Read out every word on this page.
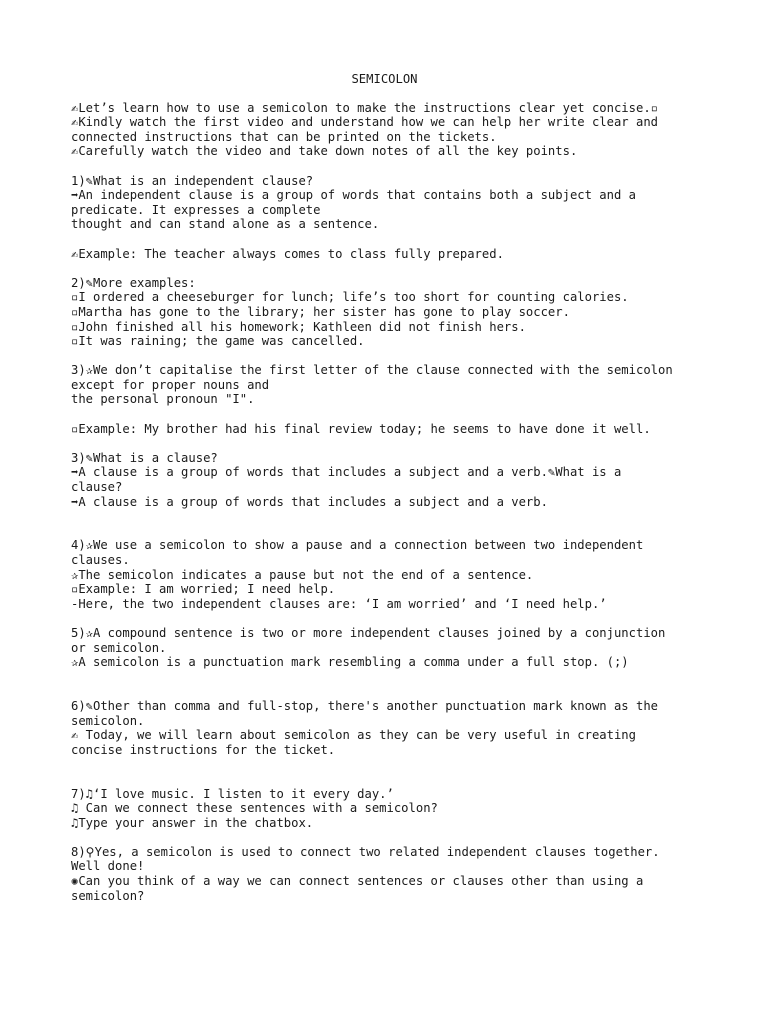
SEMICOLON
✍Let’s learn how to use a semicolon to make the instructions clear yet concise.▫
✍Kindly watch the first video and understand how we can help her write clear and connected instructions that can be printed on the tickets.
✍Carefully watch the video and take down notes of all the key points.
1)✎What is an independent clause?
➡An independent clause is a group of words that contains both a subject and a predicate. It expresses a complete
thought and can stand alone as a sentence.
✍Example: The teacher always comes to class fully prepared.
2)✎More examples:
▫I ordered a cheeseburger for lunch; life’s too short for counting calories.
▫Martha has gone to the library; her sister has gone to play soccer.
▫John finished all his homework; Kathleen did not finish hers.
▫It was raining; the game was cancelled.
3)✰We don’t capitalise the first letter of the clause connected with the semicolon except for proper nouns and
the personal pronoun "I".
▫Example: My brother had his final review today; he seems to have done it well.
3)✎What is a clause?
➡A clause is a group of words that includes a subject and a verb.✎What is a clause?
➡A clause is a group of words that includes a subject and a verb.
4)✰We use a semicolon to show a pause and a connection between two independent clauses.
✰The semicolon indicates a pause but not the end of a sentence.
▫Example: I am worried; I need help.
-Here, the two independent clauses are: ‘I am worried’ and ‘I need help.’
5)✰A compound sentence is two or more independent clauses joined by a conjunction or semicolon.
✰A semicolon is a punctuation mark resembling a comma under a full stop. (;)
6)✎Other than comma and full-stop, there's another punctuation mark known as the semicolon.
✍ Today, we will learn about semicolon as they can be very useful in creating concise instructions for the ticket.
7)♫‘I love music. I listen to it every day.’
♫ Can we connect these sentences with a semicolon?
♫Type your answer in the chatbox.
8)⚲Yes, a semicolon is used to connect two related independent clauses together. Well done!
✺Can you think of a way we can connect sentences or clauses other than using a semicolon?
